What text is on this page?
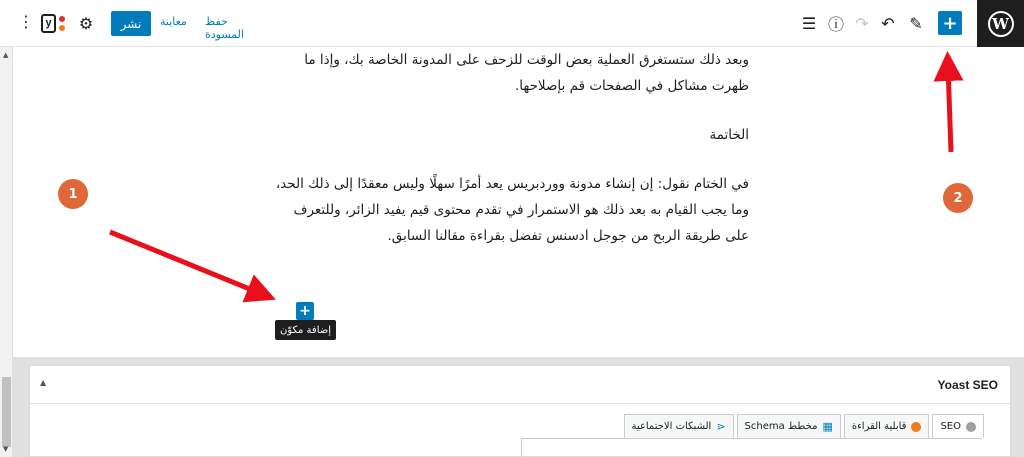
⋮	y ⚙	نشر	معاينة حفظ المسودة
☰ ⓘ ↷ ↶ ✎ +	W
▲
▼

وبعد ذلك ستستغرق العملية بعض الوقت للزحف على المدونة الخاصة بك، وإذا ما ظهرت مشاكل في الصفحات قم بإصلاحها.

الخاتمة

في الختام نقول: إن إنشاء مدونة ووردبريس يعد أمرًا سهلًا وليس معقدًا إلى ذلك الحد، وما يجب القيام به بعد ذلك هو الاستمرار في تقدم محتوى قيم يفيد الزائر، وللتعرف على طريقة الربح من جوجل ادسنس تفضل بقراءة مقالنا السابق.

+
إضافة مكوّن
1	2
Yoast SEO
▲
SEO
قابلية القراءة
▦
مخطط Schema
⋖
الشبكات الاجتماعية
